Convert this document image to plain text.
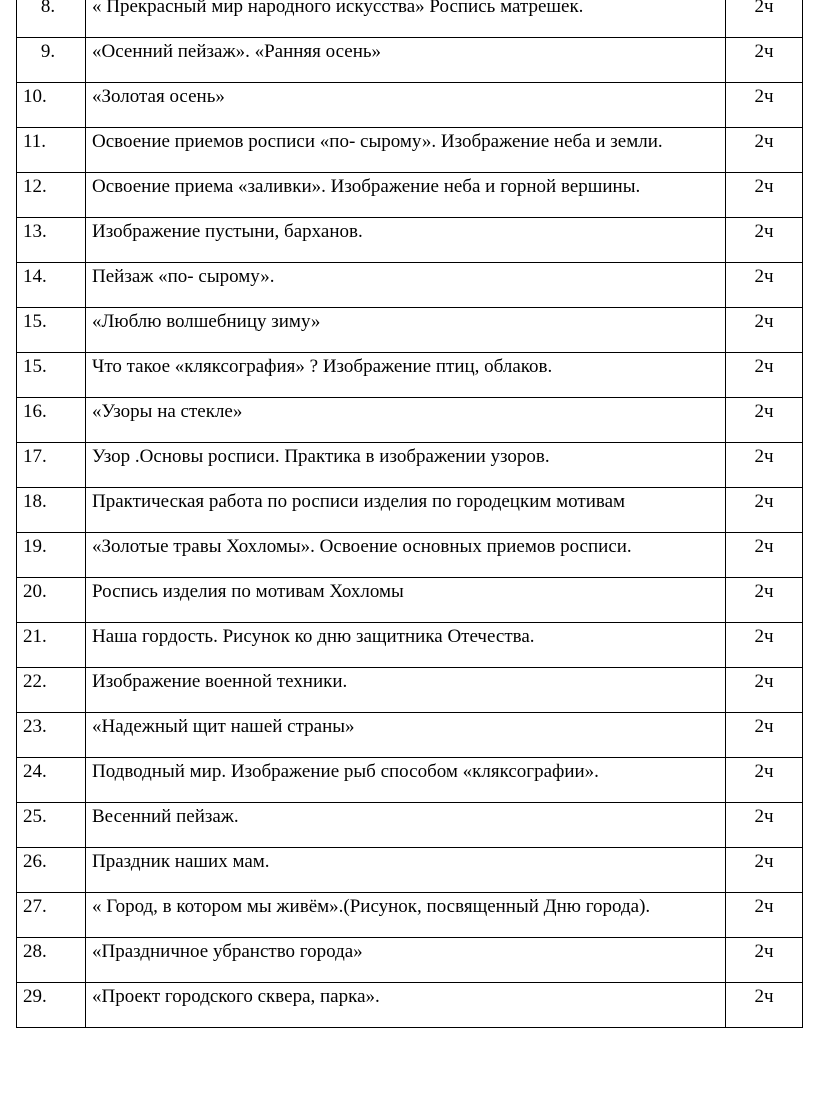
8.	« Прекрасный мир народного искусства» Роспись матрешек.	2ч
9.	«Осенний пейзаж». «Ранняя осень»	2ч
10.	«Золотая осень»	2ч
11.	Освоение приемов росписи «по- сырому». Изображение неба и земли.	2ч
12.	Освоение приема «заливки». Изображение неба и горной вершины.	2ч
13.	Изображение пустыни, барханов.	2ч
14.	Пейзаж «по- сырому».	2ч
15.	«Люблю волшебницу зиму»	2ч
15.	Что такое «кляксография» ? Изображение птиц, облаков.	2ч
16.	«Узоры на стекле»	2ч
17.	Узор .Основы росписи. Практика в изображении узоров.	2ч
18.	Практическая работа по росписи изделия по городецким мотивам	2ч
19.	«Золотые травы Хохломы». Освоение основных приемов росписи.	2ч
20.	Роспись изделия по мотивам Хохломы	2ч
21.	Наша гордость. Рисунок ко дню защитника Отечества.	2ч
22.	Изображение военной техники.	2ч
23.	«Надежный щит нашей страны»	2ч
24.	Подводный мир. Изображение рыб способом «кляксографии».	2ч
25.	Весенний пейзаж.	2ч
26.	Праздник наших мам.	2ч
27.	« Город, в котором мы живём».(Рисунок, посвященный Дню города).	2ч
28.	«Праздничное убранство города»	2ч
29.	«Проект городского сквера, парка».	2ч
